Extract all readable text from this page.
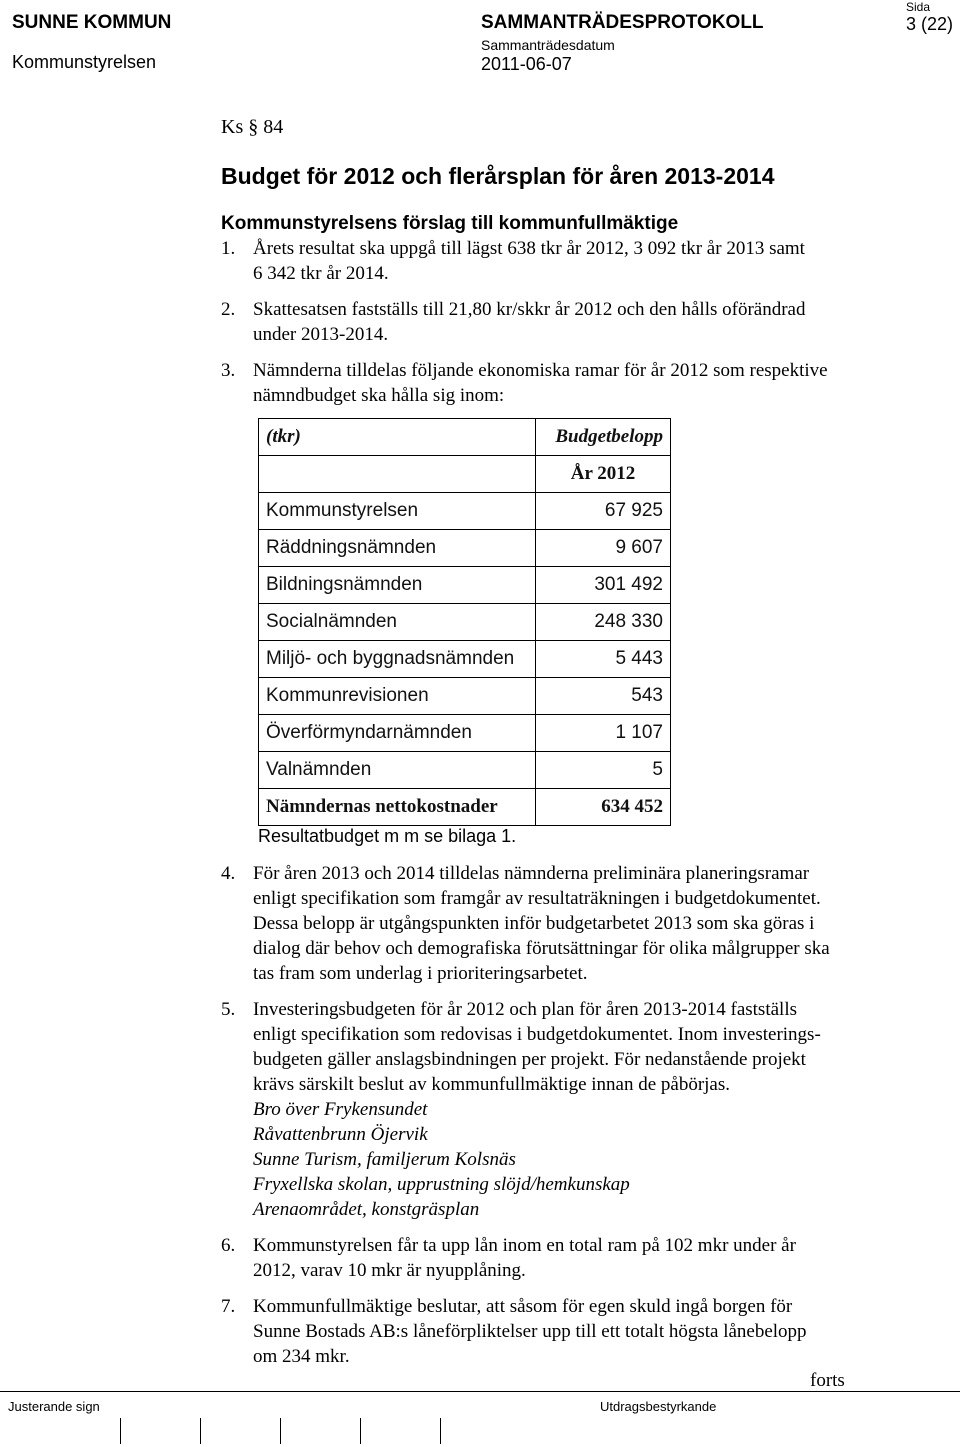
SUNNE KOMMUN
Kommunstyrelsen
SAMMANTRÄDESPROTOKOLL
Sammanträdesdatum
2011-06-07
Sida
3 (22)
Ks § 84
Budget för 2012 och flerårsplan för åren 2013-2014
Kommunstyrelsens förslag till kommunfullmäktige
1. Årets resultat ska uppgå till lägst 638 tkr år 2012, 3 092 tkr år 2013 samt
6 342 tkr år 2014.
2. Skattesatsen fastställs till 21,80 kr/skkr år 2012 och den hålls oförändrad
under 2013-2014.
3. Nämnderna tilldelas följande ekonomiska ramar för år 2012 som respektive
nämndbudget ska hålla sig inom:
(tkr)	Budgetbelopp
	År 2012
Kommunstyrelsen	67 925
Räddningsnämnden	9 607
Bildningsnämnden	301 492
Socialnämnden	248 330
Miljö- och byggnadsnämnden	5 443
Kommunrevisionen	543
Överförmyndarnämnden	1 107
Valnämnden	5
Nämndernas nettokostnader	634 452
Resultatbudget m m se bilaga 1.
4. För åren 2013 och 2014 tilldelas nämnderna preliminära planeringsramar
enligt specifikation som framgår av resultaträkningen i budgetdokumentet.
Dessa belopp är utgångspunkten inför budgetarbetet 2013 som ska göras i
dialog där behov och demografiska förutsättningar för olika målgrupper ska
tas fram som underlag i prioriteringsarbetet.
5. Investeringsbudgeten för år 2012 och plan för åren 2013-2014 fastställs
enligt specifikation som redovisas i budgetdokumentet. Inom investerings-
budgeten gäller anslagsbindningen per projekt. För nedanstående projekt
krävs särskilt beslut av kommunfullmäktige innan de påbörjas.
Bro över Frykensundet
Råvattenbrunn Öjervik
Sunne Turism, familjerum Kolsnäs
Fryxellska skolan, upprustning slöjd/hemkunskap
Arenaområdet, konstgräsplan
6. Kommunstyrelsen får ta upp lån inom en total ram på 102 mkr under år
2012, varav 10 mkr är nyupplåning.
7. Kommunfullmäktige beslutar, att såsom för egen skuld ingå borgen för
Sunne Bostads AB:s låneförpliktelser upp till ett totalt högsta lånebelopp
om 234 mkr.
forts
Justerande sign	Utdragsbestyrkande
